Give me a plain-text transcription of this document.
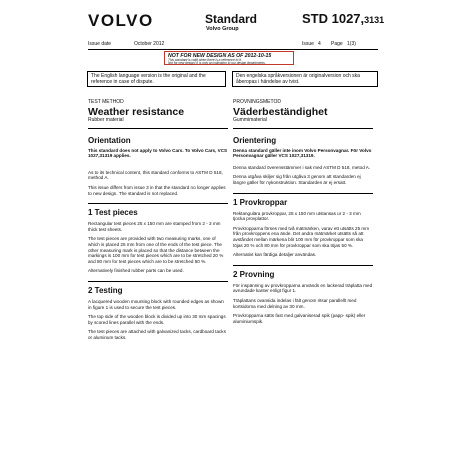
VOLVO	Standard
Volvo Group
STD 1027,3131
Issue date	October 2012	Issue 4 Page 1(3)
NOT FOR NEW DESIGN AS OF 2012-10-15
This standard is valid when there is a reference to it.
Not for new design! It is only an indication to our design departments.
The English language version is the original and the reference in case of dispute.
Den engelska språkversionen är originalversion och ska åberopas i händelse av tvist.

TEST METHOD

Weather resistance

Rubber material

Orientation

This standard does not apply to Volvo Cars. To Volvo Cars, VCS 1027,31319 applies.

As to its technical content, this standard conforms to ASTM D 518, method A.

This issue differs from issue 3 in that the standard no longer applies to new design. The standard is not replaced.

1 Test pieces

Rectangular test pieces 25 x 150 mm are stamped from 2 - 3 mm thick test sheets.

The test pieces are provided with two measuring marks, one of which is placed 25 mm from one of the ends of the test piece. The other measuring mark is placed so that the distance between the markings is 100 mm for test pieces which are to be stretched 20 % and 80 mm for test pieces which are to be stretched 50 %.

Alternatively finished rubber parts can be used.

2 Testing

A lacquered wooden mounting block with rounded edges as shown in figure 1 is used to secure the test pieces.

The top side of the wooden block is divided up into 30 mm spacings by scored lines parallel with the ends.

The test pieces are attached with galvanized tacks, cardboard tacks or aluminum tacks.

PROVNINGSMETOD

Väderbeständighet

Gummimaterial

Orientering

Denna standard gäller inte inom Volvo Personvagnar. För Volvo Personvagnar gäller VCS 1027,31319.

Denna standard överensstämmer i sak med ASTM D 518, metod A.

Denna utgåva skiljer sig från utgåva 3 genom att standarden ej längre gäller för nykonstruktion. Standarden är ej ersatt.

1 Provkroppar

Rektangulära provkroppar, 25 x 150 mm utstansas ur 2 - 3 mm tjocka provplattor.

Provkropparna förses med två mätmärken, varav ett utsätts 25 mm från provkroppens ena ände. Det andra mätmärket utsätts så att avståndet mellan märkena blir 100 mm för provkroppar som ska töjas 20 % och 80 mm för provkroppar som ska töjas 50 %.

Alternativt kan färdiga detaljer användas.

2 Provning

För inspänning av provkropparna används en lackerad träplatta med avrundade kanter enligt figur 1.

Träplattans ovansida indelas i fält genom ritsar parallellt med kortsidorna med delning av 30 mm.

Provkropparna sätts fast med galvaniserad spik (papp- spik) eller aluminiumspik.
